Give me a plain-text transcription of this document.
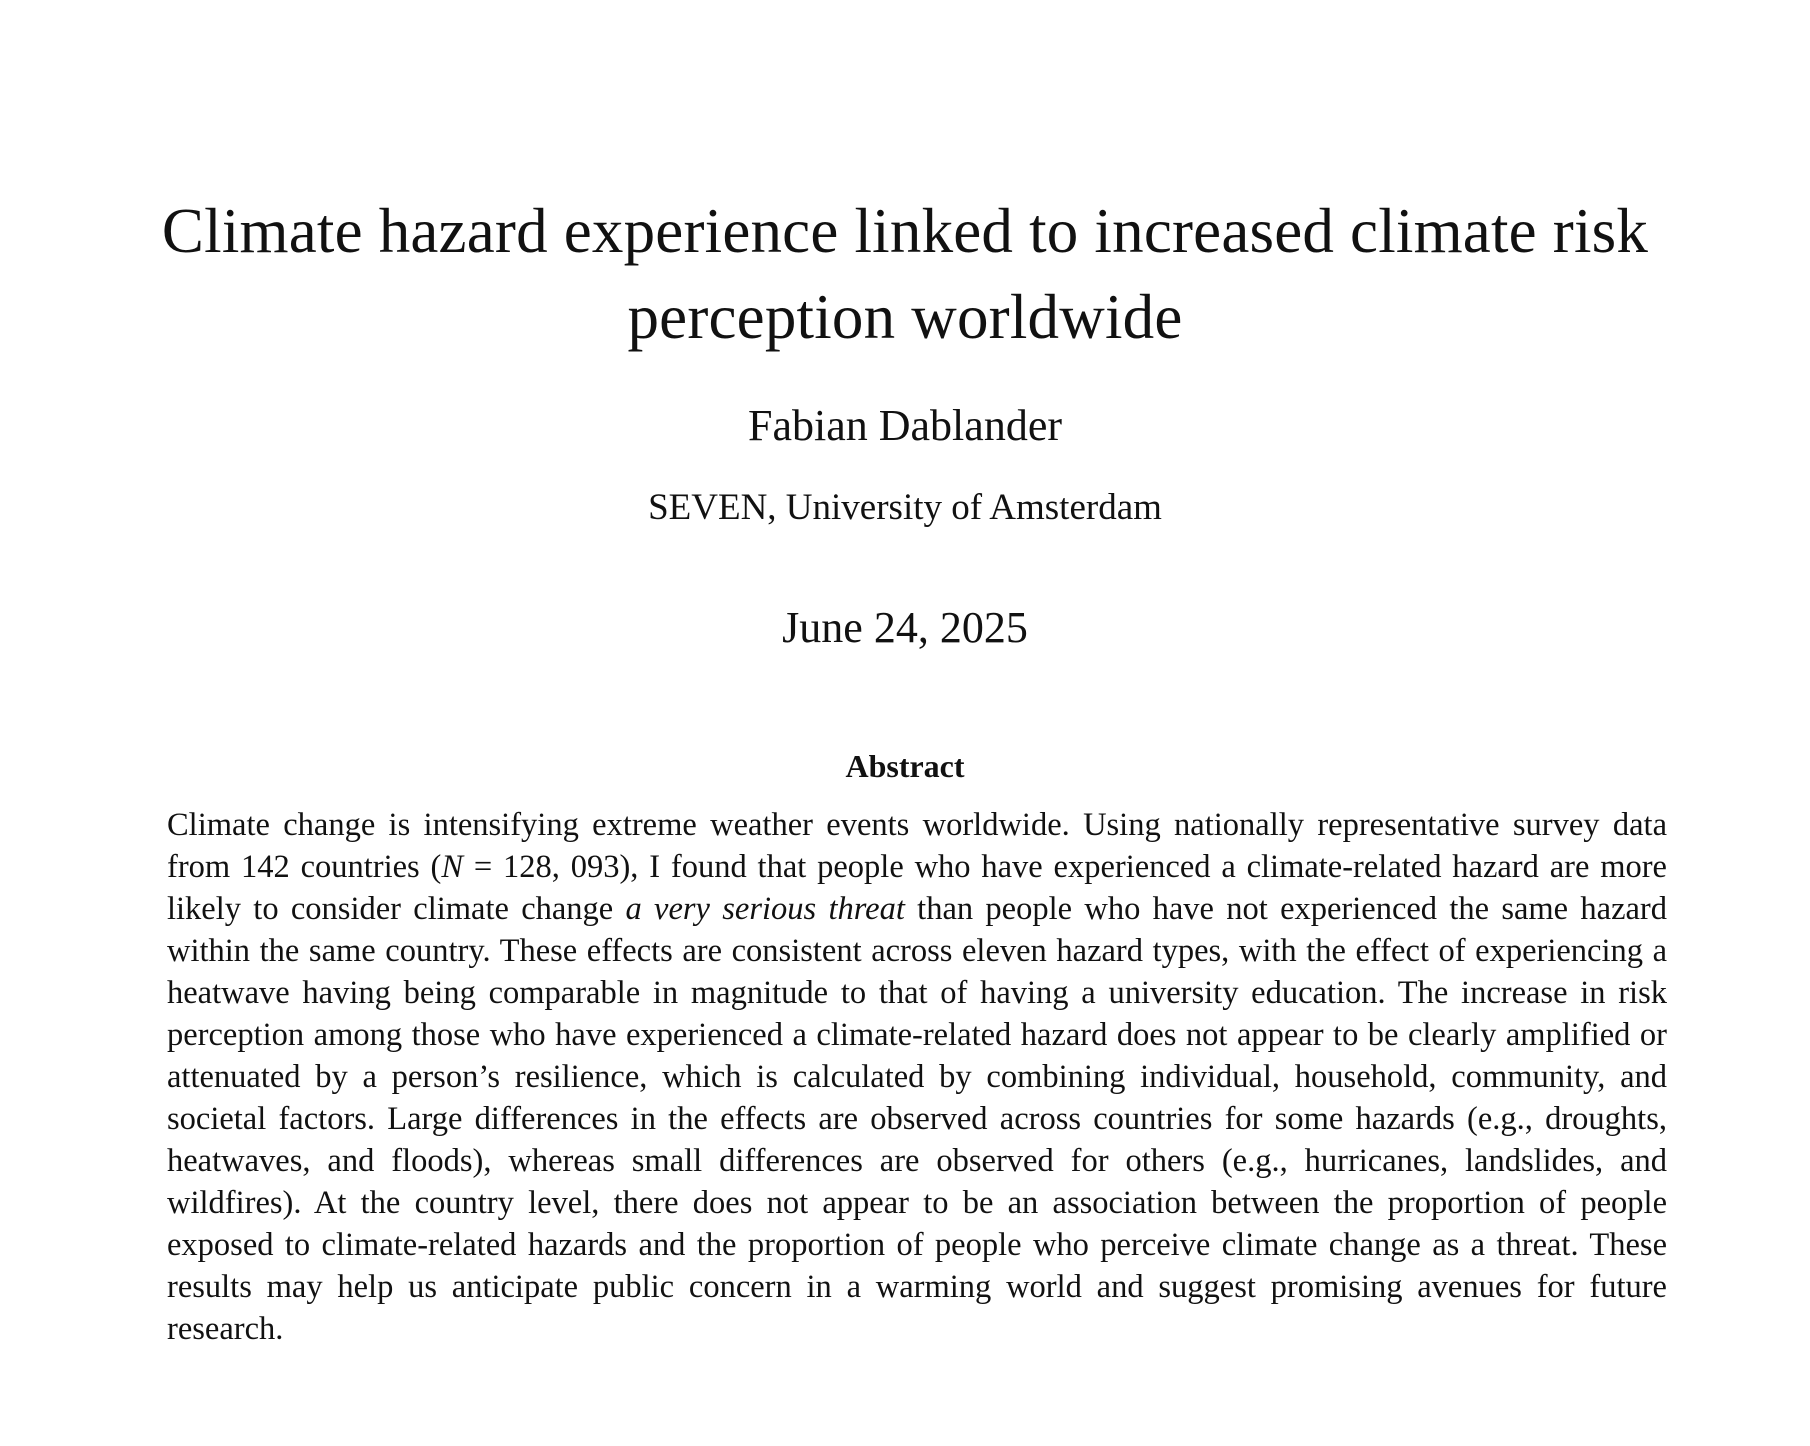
Climate hazard experience linked to increased climate risk perception worldwide
Fabian Dablander
SEVEN, University of Amsterdam
June 24, 2025
Abstract

Climate change is intensifying extreme weather events worldwide. Using nationally representative survey data from 142 countries (N = 128, 093), I found that people who have experienced a climate-related hazard are more likely to consider climate change a very serious threat than people who have not experienced the same hazard within the same country. These effects are consistent across eleven hazard types, with the effect of experiencing a heatwave having being comparable in magnitude to that of having a university education. The increase in risk perception among those who have experienced a climate-related hazard does not appear to be clearly amplified or attenuated by a person’s resilience, which is calculated by combining individual, household, community, and societal factors. Large differences in the effects are observed across countries for some hazards (e.g., droughts, heatwaves, and floods), whereas small differences are observed for others (e.g., hurricanes, landslides, and wildfires). At the country level, there does not appear to be an association between the proportion of people exposed to climate-related hazards and the proportion of people who perceive climate change as a threat. These results may help us anticipate public concern in a warming world and suggest promising avenues for future research.
